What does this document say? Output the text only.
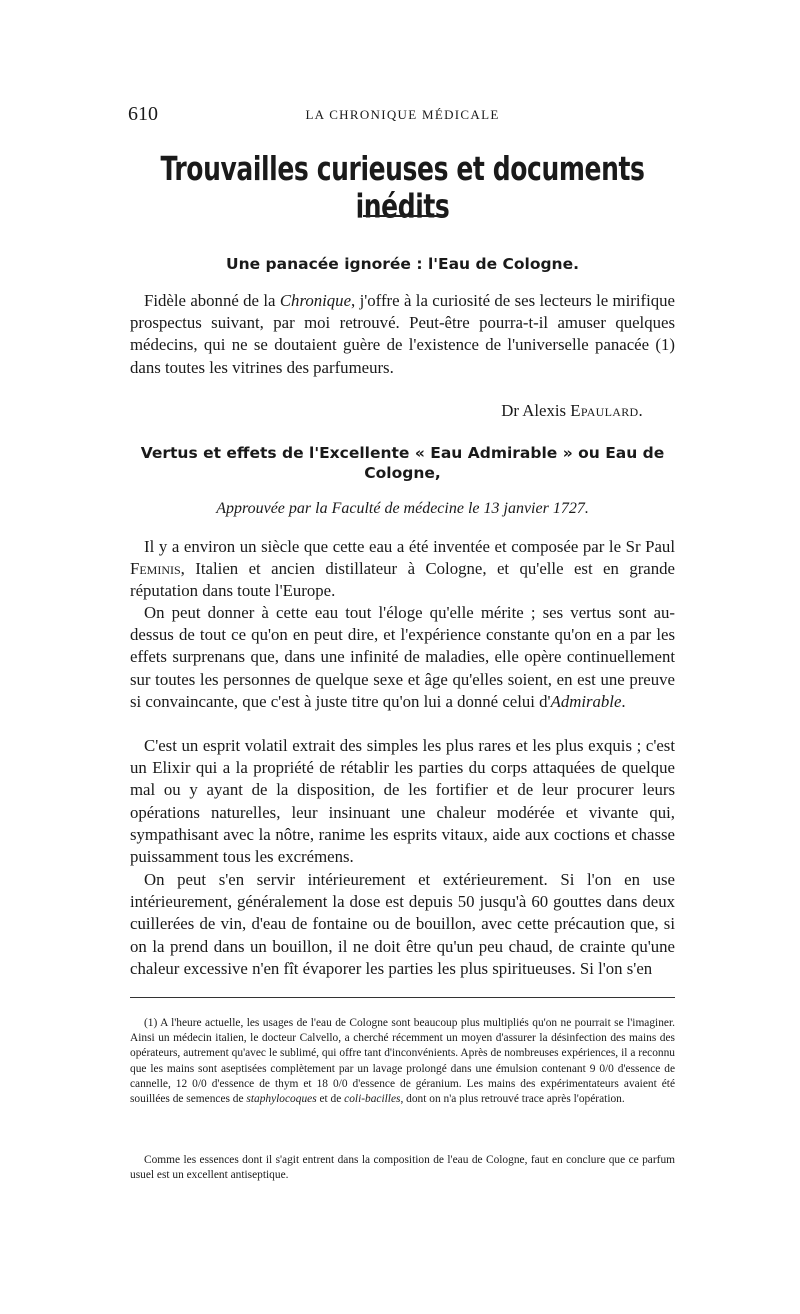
610	LA CHRONIQUE MÉDICALE
Trouvailles curieuses et documents inédits
Une panacée ignorée : l'Eau de Cologne.

Fidèle abonné de la Chronique, j'offre à la curiosité de ses lecteurs le mirifique prospectus suivant, par moi retrouvé. Peut-être pourra-t-il amuser quelques médecins, qui ne se doutaient guère de l'existence de l'universelle panacée (1) dans toutes les vitrines des parfumeurs.

Dr Alexis Epaulard.
Vertus et effets de l'Excellente « Eau Admirable » ou Eau de Cologne,
Approuvée par la Faculté de médecine le 13 janvier 1727.

Il y a environ un siècle que cette eau a été inventée et composée par le Sr Paul Feminis, Italien et ancien distillateur à Cologne, et qu'elle est en grande réputation dans toute l'Europe.

On peut donner à cette eau tout l'éloge qu'elle mérite ; ses vertus sont au-dessus de tout ce qu'on en peut dire, et l'expérience constante qu'on en a par les effets surprenans que, dans une infinité de maladies, elle opère continuellement sur toutes les personnes de quelque sexe et âge qu'elles soient, en est une preuve si convaincante, que c'est à juste titre qu'on lui a donné celui d'Admirable.

C'est un esprit volatil extrait des simples les plus rares et les plus exquis ; c'est un Elixir qui a la propriété de rétablir les parties du corps attaquées de quelque mal ou y ayant de la disposition, de les fortifier et de leur procurer leurs opérations naturelles, leur insinuant une chaleur modérée et vivante qui, sympathisant avec la nôtre, ranime les esprits vitaux, aide aux coctions et chasse puissamment tous les excrémens.

On peut s'en servir intérieurement et extérieurement. Si l'on en use intérieurement, généralement la dose est depuis 50 jusqu'à 60 gouttes dans deux cuillerées de vin, d'eau de fontaine ou de bouillon, avec cette précaution que, si on la prend dans un bouillon, il ne doit être qu'un peu chaud, de crainte qu'une chaleur excessive n'en fît évaporer les parties les plus spiritueuses. Si l'on s'en

(1) A l'heure actuelle, les usages de l'eau de Cologne sont beaucoup plus multipliés qu'on ne pourrait se l'imaginer. Ainsi un médecin italien, le docteur Calvello, a cherché récemment un moyen d'assurer la désinfection des mains des opérateurs, autrement qu'avec le sublimé, qui offre tant d'inconvénients. Après de nombreuses expériences, il a reconnu que les mains sont aseptisées complètement par un lavage prolongé dans une émulsion contenant 9 0/0 d'essence de cannelle, 12 0/0 d'essence de thym et 18 0/0 d'essence de géranium. Les mains des expérimentateurs avaient été souillées de semences de staphylocoques et de coli-bacilles, dont on n'a plus retrouvé trace après l'opération.

Comme les essences dont il s'agit entrent dans la composition de l'eau de Cologne, faut en conclure que ce parfum usuel est un excellent antiseptique.
